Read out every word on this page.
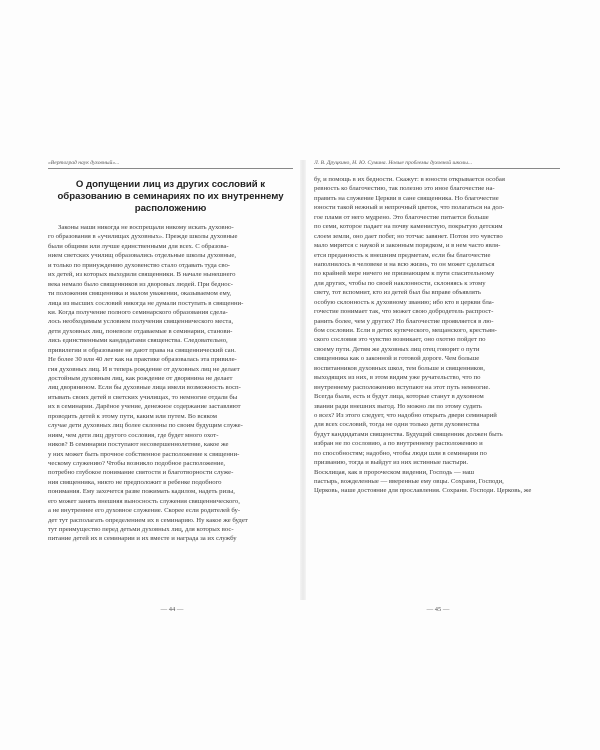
«Вертоград наук духовный»...
О допущении лиц из других сословий к образованию в семинариях по их внутреннему расположению
Законы наши никогда не воспрещали никому искать духовно-
го образования в «училищах духовных». Прежде школы духовные
были общими или лучше единственными для всех. С образова-
нием светских училищ образовались отдельные школы духовные,
и только по принуждению духовенство стало отдавать туда сво-
их детей, из которых выходили священники. В начале нынешнего
века немало было священников из дворовых людей. При беднос-
ти положения священника и малом уважении, оказываемом ему,
лица из высших сословий никогда не думали поступать в священни-
ки. Когда получение полного семинарского образования сдела-
лось необходимым условием получения священнического места,
дети духовных лиц, поневоле отдаваемые в семинарии, станови-
лись единственными кандидатами священства. Следовательно,
привилегии и образование не дают права на священнический сан.
Не более 30 или 40 лет как на практике образовалась эта привиле-
гия духовных лиц. И в теперь рождение от духовных лиц не делает
достойным духовным лиц, как рождение от дворянина не делает
лиц дворянином. Если бы духовные лица имели возможность восп-
итывать своих детей в светских училищах, то немногие отдали бы
их в семинарии. Дарёное учение, денежное содержание заставляют
проводить детей к этому пути, каким или путем. Во всяком
случае дети духовных лиц более склонны по своим будущим служе-
ниям, чем дети лиц другого сословия, где будет много охот-
ников? В семинарии поступают несовершеннолетние, какое же
у них может быть прочное собственное расположение к священни-
ческому служению? Чтобы возникло подобное расположение,
потребно глубокое понимание святости и благотворности служе-
ния священника, никто не предположит в ребенке подобного
понимания. Ему захочется разве пожимать кадилом, надеть ризы,
его может занять внешняя выносность служения священнического,
а не внутреннее его духовное служение. Скорее если родителей бу-
дет тут располагать определением их в семинарию. Ну какое же будет
тут преимущество перед детьми духовных лиц, для которых вос-
питание детей их в семинарии и их вместе и награда за их службу
Л. В. Друцкино, Н. Ю. Сумина. Новые проблемы духовной школы...
бу, и помощь в их бедности. Скажут: в юности открывается особая
ревность ко благочестию, так полезно это иное благочестие на-
править на служение Церкви в сане священника. Но благочестие
юности такой нежный и непрочный цветок, что полагаться на дол-
гое пламя от него мудрено. Это благочестие питается больше
по семи, которое падает на почву каменистую, покрытую детским
слоем земли, оно дает побег, но тотчас завянет. Потом это чувство
мало мирится с наукой и законным порядком, и в нем часто явля-
ется преданность к внешним предметам, если бы благочестие
наполнилось в человеке и на всю жизнь, то он может сделаться
по крайней мере ничего не признающим к пути спасительному
для других, чтобы по своей наклонности, склоняясь к этому
свету, тот вспомнит, кто из детей был бы вправе объявлять
особую склонность к духовному званию; ибо кто в церкви бла-
гочестие понимает так, что может свою добродетель распрост-
ранить более, чем у других? Но благочестие проявляется в лю-
бом сословии. Если в детях купеческого, мещанского, крестьян-
ского сословия это чувство возникает, оно охотно пойдет по
своему пути. Детям же духовных лиц отец говорит о пути
священника как о законной и готовой дороге. Чем больше
воспитанников духовных школ, тем больше и священников,
выходящих из них, в этом видим уже ручательство, что по
внутреннему расположению вступают на этот путь немногие.
Всегда были, есть и будут лица, которые станут в духовном
звании ради внешних выгод. Но можно ли по этому судить
о всех? Из этого следует, что надобно открыть двери семинарий
для всех сословий, тогда не одни только дети духовенства
будут кандидатами священства. Будущий священник должен быть
избран не по сословию, а по внутреннему расположению и
по способностям; надобно, чтобы люди шли в семинарии по
призванию, тогда и выйдут из них истинные пастыри.
Восклицая, как в пророческом видении, Господь — наш
пастырь, вожделенные — вверенные ему овцы. Сохрани, Господи,
Церковь, наше достояние для прославления. Сохрани. Господи. Церковь, же
— 44 —	— 45 —
